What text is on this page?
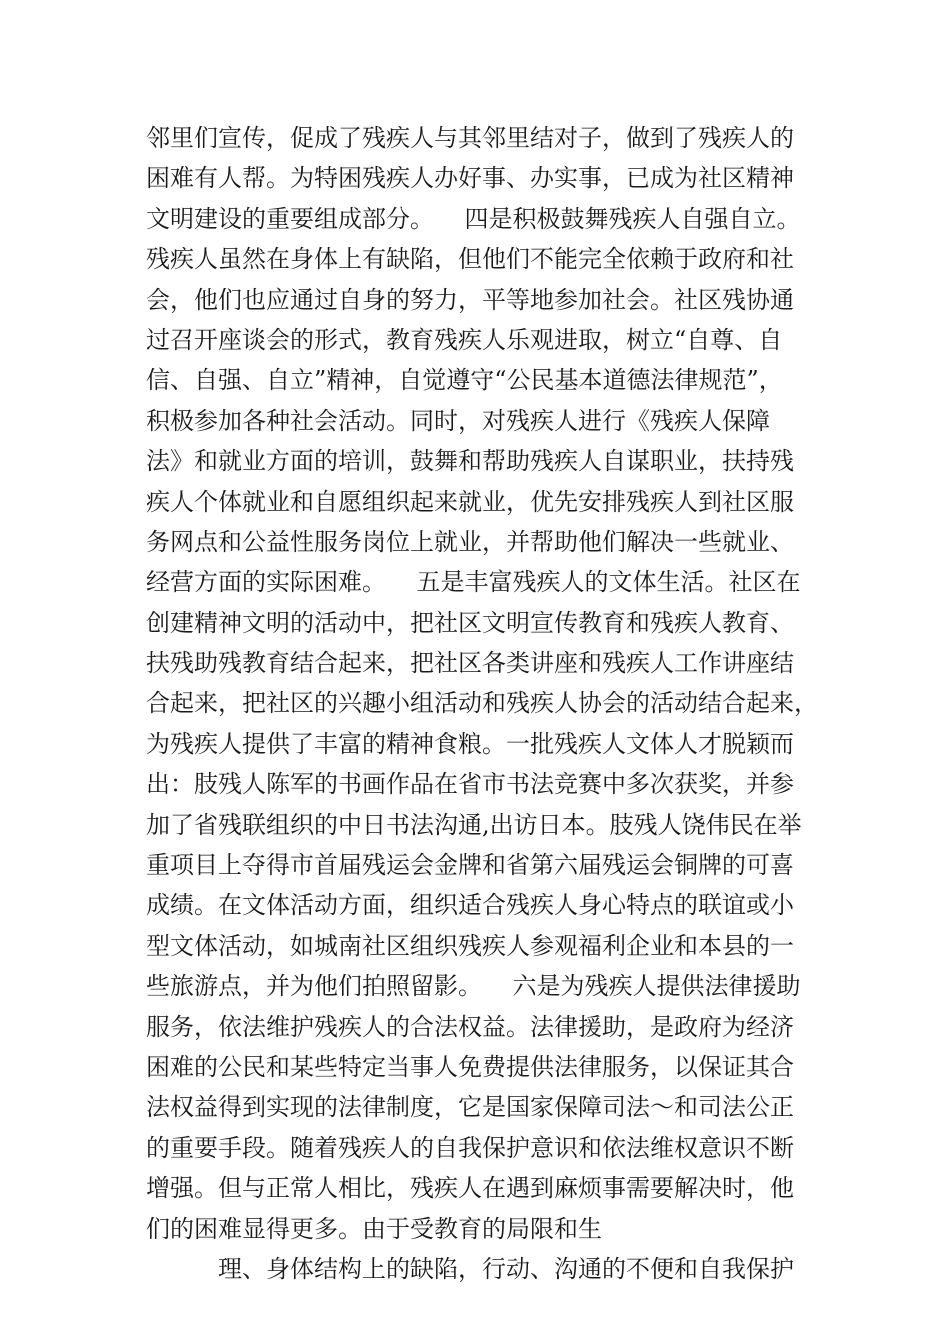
邻里们宣传，促成了残疾人与其邻里结对子，做到了残疾人的
困难有人帮。为特困残疾人办好事、办实事，已成为社区精神
文明建设的重要组成部分。    四是积极鼓舞残疾人自强自立。
残疾人虽然在身体上有缺陷，但他们不能完全依赖于政府和社
会，他们也应通过自身的努力，平等地参加社会。社区残协通
过召开座谈会的形式，教育残疾人乐观进取，树立“自尊、自
信、自强、自立”精神，自觉遵守“公民基本道德法律规范”，
积极参加各种社会活动。同时，对残疾人进行《残疾人保障
法》和就业方面的培训，鼓舞和帮助残疾人自谋职业，扶持残
疾人个体就业和自愿组织起来就业，优先安排残疾人到社区服
务网点和公益性服务岗位上就业，并帮助他们解决一些就业、
经营方面的实际困难。    五是丰富残疾人的文体生活。社区在
创建精神文明的活动中，把社区文明宣传教育和残疾人教育、
扶残助残教育结合起来，把社区各类讲座和残疾人工作讲座结
合起来，把社区的兴趣小组活动和残疾人协会的活动结合起来，
为残疾人提供了丰富的精神食粮。一批残疾人文体人才脱颖而
出：肢残人陈军的书画作品在省市书法竞赛中多次获奖，并参
加了省残联组织的中日书法沟通,出访日本。肢残人饶伟民在举
重项目上夺得市首届残运会金牌和省第六届残运会铜牌的可喜
成绩。在文体活动方面，组织适合残疾人身心特点的联谊或小
型文体活动，如城南社区组织残疾人参观福利企业和本县的一
些旅游点，并为他们拍照留影。    六是为残疾人提供法律援助
服务，依法维护残疾人的合法权益。法律援助，是政府为经济
困难的公民和某些特定当事人免费提供法律服务，以保证其合
法权益得到实现的法律制度，它是国家保障司法～和司法公正
的重要手段。随着残疾人的自我保护意识和依法维权意识不断
增强。但与正常人相比，残疾人在遇到麻烦事需要解决时，他
们的困难显得更多。由于受教育的局限和生
理、身体结构上的缺陷，行动、沟通的不便和自我保护
